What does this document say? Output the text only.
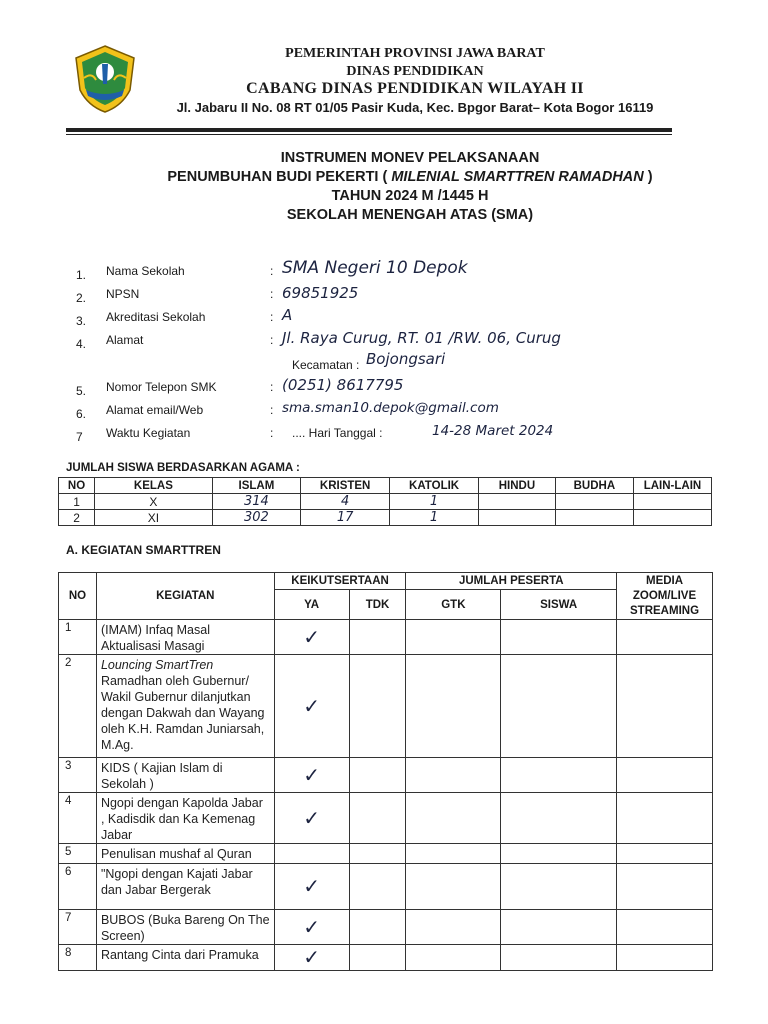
PEMERINTAH PROVINSI JAWA BARAT
DINAS PENDIDIKAN
CABANG DINAS PENDIDIKAN WILAYAH II
Jl. Jabaru II No. 08 RT 01/05 Pasir Kuda, Kec. Bpgor Barat– Kota Bogor 16119
INSTRUMEN MONEV PELAKSANAAN
PENUMBUHAN BUDI PEKERTI ( MILENIAL SMARTTREN RAMADHAN )
TAHUN 2024 M /1445 H
SEKOLAH MENENGAH ATAS (SMA)
1.	Nama Sekolah	: SMA Negeri 10 Depok
2.	NPSN	: 69851925
3.	Akreditasi Sekolah	: A
4.	Alamat	: Jl. Raya Curug, RT. 01 /RW. 06, Curug
Kecamatan : Bojongsari
5.	Nomor Telepon SMK	: (0251) 8617795
6.	Alamat email/Web	: sma.sman10.depok@gmail.com
7	Waktu Kegiatan	: .... Hari Tanggal :	14-28 Maret 2024
JUMLAH SISWA BERDASARKAN AGAMA :
NO	KELAS	ISLAM	KRISTEN	KATOLIK	HINDU	BUDHA	LAIN-LAIN
1	X	314	4	1			
2	XI	302	17	1			
A. KEGIATAN SMARTTREN
NO	KEGIATAN	KEIKUTSERTAAN		JUMLAH PESERTA		MEDIA ZOOM/LIVE STREAMING
		YA	TDK	GTK	SISWA	
1	(IMAM) Infaq Masal Aktualisasi Masagi	✓				
2	Louncing SmartTren
Ramadhan oleh Gubernur/ Wakil Gubernur dilanjutkan dengan Dakwah dan Wayang oleh K.H. Ramdan Juniarsah, M.Ag.	✓				
3	KIDS ( Kajian Islam di Sekolah )	✓				
4	Ngopi dengan Kapolda Jabar , Kadisdik dan Ka Kemenag Jabar	✓				
5	Penulisan mushaf al Quran					
6	"Ngopi dengan Kajati Jabar dan Jabar Bergerak	✓				
7	BUBOS (Buka Bareng On The Screen)	✓				
8	Rantang Cinta dari Pramuka	✓				
